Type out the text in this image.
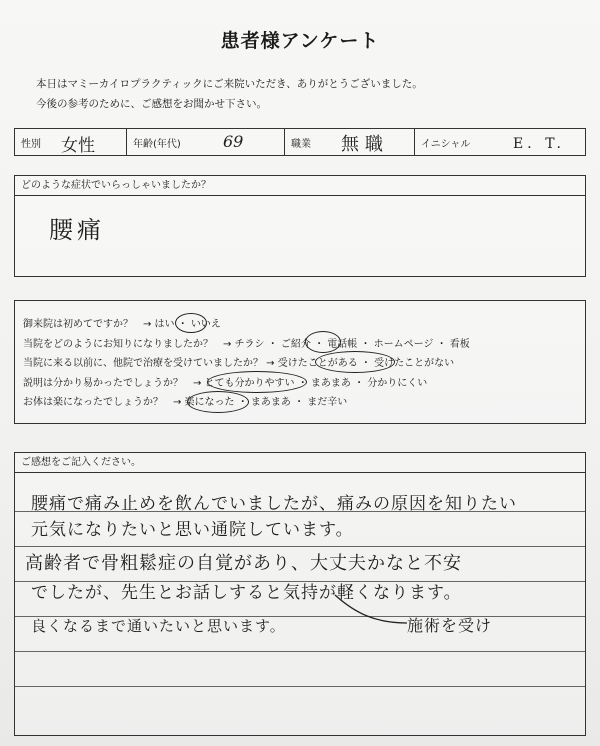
患者様アンケート
本日はマミーカイロプラクティックにご来院いただき、ありがとうございました。
今後の参考のために、ご感想をお聞かせ下さい。
性別 女性	年齢(年代)	69	職業 無職	イニシャル	E．T.
どのような症状でいらっしゃいましたか？
腰痛
御来院は初めてですか？　→ はい ・ いいえ
当院をどのようにお知りになりましたか？　→ チラシ ・ ご紹介 ・ 電話帳 ・ ホームページ ・ 看板
当院に来る以前に、他院で治療を受けていましたか？ → 受けたことがある ・ 受けたことがない
説明は分かり易かったでしょうか？　→ とても分かりやすい ・ まあまあ ・ 分かりにくい
お体は楽になったでしょうか？　→ 楽になった ・ まあまあ ・ まだ辛い
ご感想をご記入ください。
腰痛で痛み止めを飲んでいましたが、痛みの原因を知りたい
元気になりたいと思い通院しています。
高齢者で骨粗鬆症の自覚があり、大丈夫かなと不安
でしたが、先生とお話しすると気持が軽くなります。
良くなるまで通いたいと思います。	施術を受け
